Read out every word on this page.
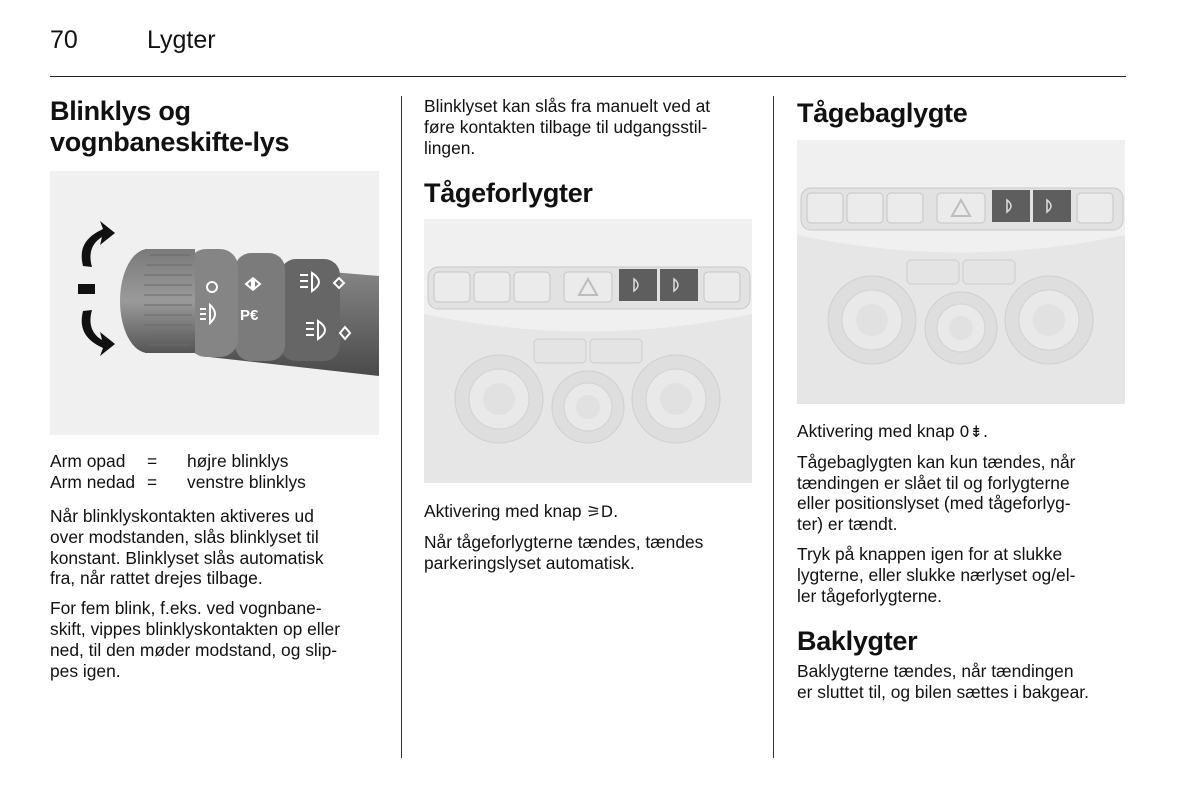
70	Lygter
Blinklys og
vognbaneskifte-lys
P€
Arm opad	=	højre blinklys
Arm nedad =	venstre blinklys

Når blinklyskontakten aktiveres ud
over modstanden, slås blinklyset til
konstant. Blinklyset slås automatisk
fra, når rattet drejes tilbage.

For fem blink, f.eks. ved vognbane-
skift, vippes blinklyskontakten op eller
ned, til den møder modstand, og slip-
pes igen.

Blinklyset kan slås fra manuelt ved at
føre kontakten tilbage til udgangsstil-
lingen.

Tågeforlygter

Aktivering med knap ⚞D.

Når tågeforlygterne tændes, tændes
parkeringslyset automatisk.

Tågebaglygte

Aktivering med knap 0⇟.

Tågebaglygten kan kun tændes, når
tændingen er slået til og forlygterne
eller positionslyset (med tågeforlyg-
ter) er tændt.

Tryk på knappen igen for at slukke
lygterne, eller slukke nærlyset og/el-
ler tågeforlygterne.

Baklygter

Baklygterne tændes, når tændingen
er sluttet til, og bilen sættes i bakgear.
